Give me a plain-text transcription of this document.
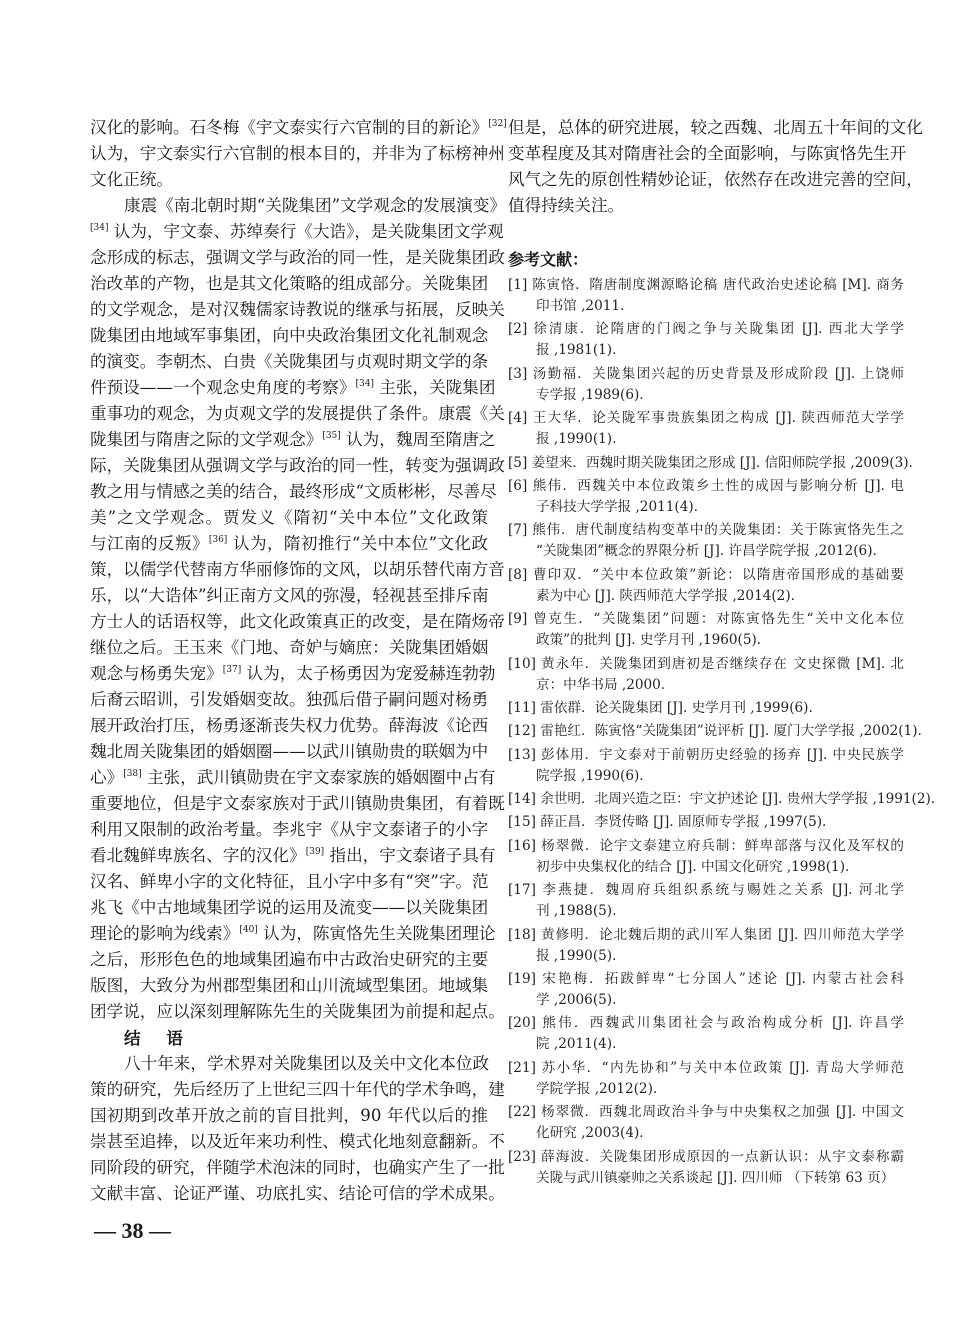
汉化的影响。石冬梅《宇文泰实行六官制的目的新论》[32]
认为，宇文泰实行六官制的根本目的，并非为了标榜神州
文化正统。
康震《南北朝时期“关陇集团”文学观念的发展演变》
[34] 认为，宇文泰、苏绰奏行《大诰》，是关陇集团文学观
念形成的标志，强调文学与政治的同一性，是关陇集团政
治改革的产物，也是其文化策略的组成部分。关陇集团
的文学观念，是对汉魏儒家诗教说的继承与拓展，反映关
陇集团由地域军事集团，向中央政治集团文化礼制观念
的演变。李朝杰、白贵《关陇集团与贞观时期文学的条
件预设——一个观念史角度的考察》[34] 主张，关陇集团
重事功的观念，为贞观文学的发展提供了条件。康震《关
陇集团与隋唐之际的文学观念》[35] 认为，魏周至隋唐之
际，关陇集团从强调文学与政治的同一性，转变为强调政
教之用与情感之美的结合，最终形成“文质彬彬，尽善尽
美”之文学观念。贾发义《隋初“关中本位”文化政策
与江南的反叛》[36] 认为，隋初推行“关中本位”文化政
策，以儒学代替南方华丽修饰的文风，以胡乐替代南方音
乐，以“大诰体”纠正南方文风的弥漫，轻视甚至排斥南
方士人的话语权等，此文化政策真正的改变，是在隋炀帝
继位之后。王玉来《门地、奇妒与嫡庶：关陇集团婚姻
观念与杨勇失宠》[37] 认为，太子杨勇因为宠爱赫连勃勃
后裔云昭训，引发婚姻变故。独孤后借子嗣问题对杨勇
展开政治打压，杨勇逐渐丧失权力优势。薛海波《论西
魏北周关陇集团的婚姻圈——以武川镇勋贵的联姻为中
心》[38] 主张，武川镇勋贵在宇文泰家族的婚姻圈中占有
重要地位，但是宇文泰家族对于武川镇勋贵集团，有着既
利用又限制的政治考量。李兆宇《从宇文泰诸子的小字
看北魏鲜卑族名、字的汉化》[39] 指出，宇文泰诸子具有
汉名、鲜卑小字的文化特征，且小字中多有“突”字。范
兆飞《中古地域集团学说的运用及流变——以关陇集团
理论的影响为线索》[40] 认为，陈寅恪先生关陇集团理论
之后，形形色色的地域集团遍布中古政治史研究的主要
版图，大致分为州郡型集团和山川流域型集团。地域集
团学说，应以深刻理解陈先生的关陇集团为前提和起点。
结 语
八十年来，学术界对关陇集团以及关中文化本位政
策的研究，先后经历了上世纪三四十年代的学术争鸣，建
国初期到改革开放之前的盲目批判，90 年代以后的推
崇甚至追捧，以及近年来功利性、模式化地刻意翻新。不
同阶段的研究，伴随学术泡沫的同时，也确实产生了一批
文献丰富、论证严谨、功底扎实、结论可信的学术成果。
但是，总体的研究进展，较之西魏、北周五十年间的文化
变革程度及其对隋唐社会的全面影响，与陈寅恪先生开
风气之先的原创性精妙论证，依然存在改进完善的空间，
值得持续关注。
参考文献：
[1] 陈寅恪．隋唐制度渊源略论稿 唐代政治史述论稿 [M]. 商务
印书馆 ,2011.
[2] 徐清康．论隋唐的门阀之争与关陇集团 [J]. 西北大学学
报 ,1981(1).
[3] 汤勤福．关陇集团兴起的历史背景及形成阶段 [J]. 上饶师
专学报 ,1989(6).
[4] 王大华．论关陇军事贵族集团之构成 [J]. 陕西师范大学学
报 ,1990(1).
[5] 姜望来．西魏时期关陇集团之形成 [J]. 信阳师院学报 ,2009(3).
[6] 熊伟．西魏关中本位政策乡土性的成因与影响分析 [J]. 电
子科技大学学报 ,2011(4).
[7] 熊伟．唐代制度结构变革中的关陇集团：关于陈寅恪先生之
“关陇集团”概念的界限分析 [J]. 许昌学院学报 ,2012(6).
[8] 曹印双．“关中本位政策”新论：以隋唐帝国形成的基础要
素为中心 [J]. 陕西师范大学学报 ,2014(2).
[9] 曾克生．“关陇集团”问题：对陈寅恪先生“关中文化本位
政策”的批判 [J]. 史学月刊 ,1960(5).
[10] 黄永年．关陇集团到唐初是否继续存在 文史探微 [M]. 北
京：中华书局 ,2000.
[11] 雷依群．论关陇集团 [J]. 史学月刊 ,1999(6).
[12] 雷艳红．陈寅恪“关陇集团”说评析 [J]. 厦门大学学报 ,2002(1).
[13] 彭体用．宇文泰对于前朝历史经验的扬弃 [J]. 中央民族学
院学报 ,1990(6).
[14] 余世明．北周兴造之臣：宇文护述论 [J]. 贵州大学学报 ,1991(2).
[15] 薛正昌．李贤传略 [J]. 固原师专学报 ,1997(5).
[16] 杨翠微．论宇文泰建立府兵制：鲜卑部落与汉化及军权的
初步中央集权化的结合 [J]. 中国文化研究 ,1998(1).
[17] 李燕捷．魏周府兵组织系统与赐姓之关系 [J]. 河北学
刊 ,1988(5).
[18] 黄修明．论北魏后期的武川军人集团 [J]. 四川师范大学学
报 ,1990(5).
[19] 宋艳梅．拓跋鲜卑“七分国人”述论 [J]. 内蒙古社会科
学 ,2006(5).
[20] 熊伟．西魏武川集团社会与政治构成分析 [J]. 许昌学
院 ,2011(4).
[21] 苏小华．“内先协和”与关中本位政策 [J]. 青岛大学师范
学院学报 ,2012(2).
[22] 杨翠微．西魏北周政治斗争与中央集权之加强 [J]. 中国文
化研究 ,2003(4).
[23] 薛海波．关陇集团形成原因的一点新认识：从宇文泰称霸
关陇与武川镇豪帅之关系谈起 [J]. 四川师 （下转第 63 页）
— 38 —
